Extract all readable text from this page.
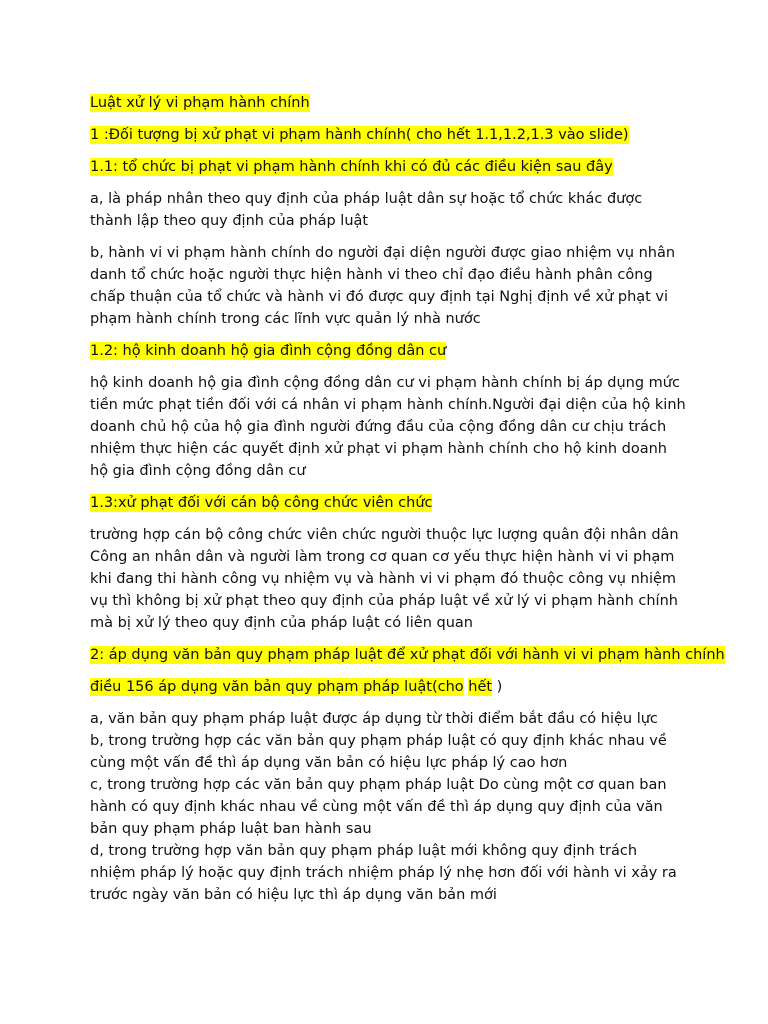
Luật xử lý vi phạm hành chính
1 :Đối tượng bị xử phạt vi phạm hành chính( cho hết 1.1,1.2,1.3 vào slide)
1.1: tổ chức bị phạt vi phạm hành chính khi có đủ các điều kiện sau đây

a, là pháp nhân theo quy định của pháp luật dân sự hoặc tổ chức khác được thành lập theo quy định của pháp luật

b, hành vi vi phạm hành chính do người đại diện người được giao nhiệm vụ nhân danh tổ chức hoặc người thực hiện hành vi theo chỉ đạo điều hành phân công chấp thuận của tổ chức và hành vi đó được quy định tại Nghị định về xử phạt vi phạm hành chính trong các lĩnh vực quản lý nhà nước

1.2: hộ kinh doanh hộ gia đình cộng đồng dân cư

hộ kinh doanh hộ gia đình cộng đồng dân cư vi phạm hành chính bị áp dụng mức tiền mức phạt tiền đối với cá nhân vi phạm hành chính.Người đại diện của hộ kinh doanh chủ hộ của hộ gia đình người đứng đầu của cộng đồng dân cư chịu trách nhiệm thực hiện các quyết định xử phạt vi phạm hành chính cho hộ kinh doanh hộ gia đình cộng đồng dân cư

1.3:xử phạt đối với cán bộ công chức viên chức

trường hợp cán bộ công chức viên chức người thuộc lực lượng quân đội nhân dân Công an nhân dân và người làm trong cơ quan cơ yếu thực hiện hành vi vi phạm khi đang thi hành công vụ nhiệm vụ và hành vi vi phạm đó thuộc công vụ nhiệm vụ thì không bị xử phạt theo quy định của pháp luật về xử lý vi phạm hành chính mà bị xử lý theo quy định của pháp luật có liên quan

2: áp dụng văn bản quy phạm pháp luật để xử phạt đối với hành vi vi phạm hành chính
điều 156 áp dụng văn bản quy phạm pháp luật(cho hết )
a, văn bản quy phạm pháp luật được áp dụng từ thời điểm bắt đầu có hiệu lực
b, trong trường hợp các văn bản quy phạm pháp luật có quy định khác nhau về cùng một vấn đề thì áp dụng văn bản có hiệu lực pháp lý cao hơn
c, trong trường hợp các văn bản quy phạm pháp luật Do cùng một cơ quan ban hành có quy định khác nhau về cùng một vấn đề thì áp dụng quy định của văn bản quy phạm pháp luật ban hành sau
d, trong trường hợp văn bản quy phạm pháp luật mới không quy định trách nhiệm pháp lý hoặc quy định trách nhiệm pháp lý nhẹ hơn đối với hành vi xảy ra trước ngày văn bản có hiệu lực thì áp dụng văn bản mới
